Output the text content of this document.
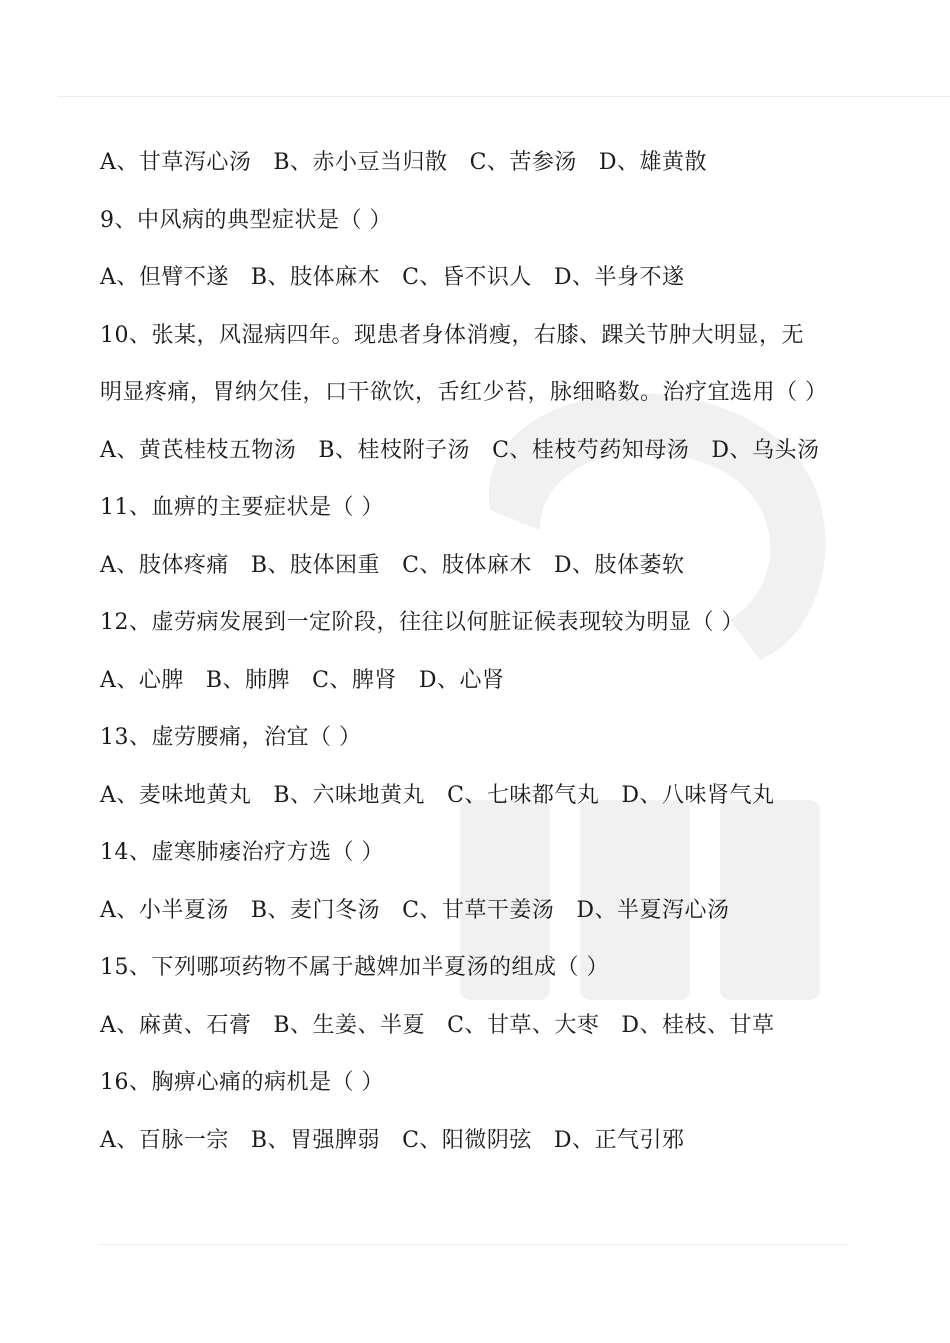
A、甘草泻心汤 B、赤小豆当归散 C、苦参汤 D、雄黄散
9、中风病的典型症状是（ ）
A、但臂不遂 B、肢体麻木 C、昏不识人 D、半身不遂
10、张某，风湿病四年。现患者身体消瘦，右膝、踝关节肿大明显，无
明显疼痛，胃纳欠佳，口干欲饮，舌红少苔，脉细略数。治疗宜选用（ ）
A、黄芪桂枝五物汤 B、桂枝附子汤 C、桂枝芍药知母汤 D、乌头汤
11、血痹的主要症状是（ ）
A、肢体疼痛 B、肢体困重 C、肢体麻木 D、肢体萎软
12、虚劳病发展到一定阶段，往往以何脏证候表现较为明显（ ）
A、心脾 B、肺脾 C、脾肾 D、心肾
13、虚劳腰痛，治宜（ ）
A、麦味地黄丸 B、六味地黄丸 C、七味都气丸 D、八味肾气丸
14、虚寒肺痿治疗方选（ ）
A、小半夏汤 B、麦门冬汤 C、甘草干姜汤 D、半夏泻心汤
15、下列哪项药物不属于越婢加半夏汤的组成（ ）
A、麻黄、石膏 B、生姜、半夏 C、甘草、大枣 D、桂枝、甘草
16、胸痹心痛的病机是（ ）
A、百脉一宗 B、胃强脾弱 C、阳微阴弦 D、正气引邪
